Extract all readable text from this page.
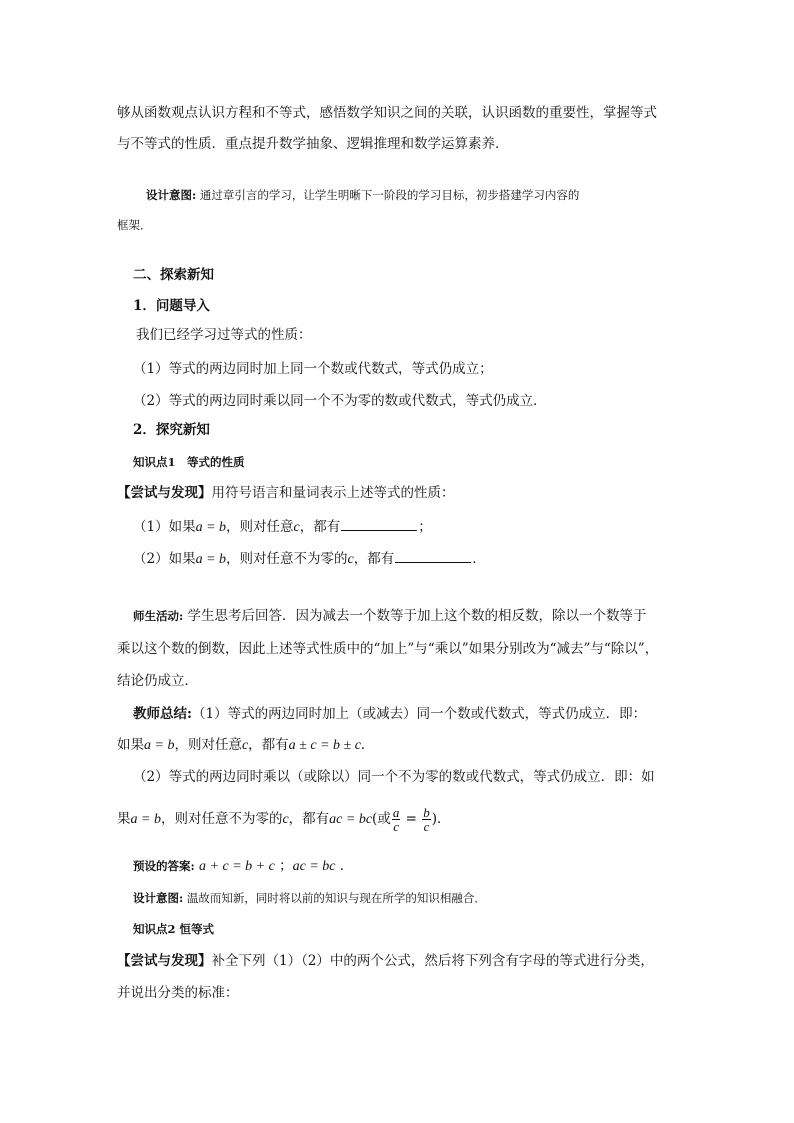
够从函数观点认识方程和不等式，感悟数学知识之间的关联，认识函数的重要性，掌握等式
与不等式的性质．重点提升数学抽象、逻辑推理和数学运算素养．
设计意图: 通过章引言的学习，让学生明晰下一阶段的学习目标，初步搭建学习内容的
框架．
二、探索新知
1．问题导入
我们已经学习过等式的性质：
（1）等式的两边同时加上同一个数或代数式，等式仍成立；
（2）等式的两边同时乘以同一个不为零的数或代数式，等式仍成立．
2．探究新知
知识点1　等式的性质
【尝试与发现】用符号语言和量词表示上述等式的性质：
（1）如果a = b，则对任意c，都有	；
（2）如果a = b，则对任意不为零的c，都有	．
师生活动: 学生思考后回答．因为减去一个数等于加上这个数的相反数，除以一个数等于
乘以这个数的倒数，因此上述等式性质中的“加上”与“乘以”如果分别改为“减去”与“除以”，
结论仍成立．
教师总结:（1）等式的两边同时加上（或减去）同一个数或代数式，等式仍成立．即：
如果a = b，则对任意c，都有a ± c = b ± c．
（2）等式的两边同时乘以（或除以）同一个不为零的数或代数式，等式仍成立．即：如
果a = b，则对任意不为零的c，都有ac = bc(或 $\frac{a}{c} = \frac{b}{c}$ )．
预设的答案: a + c = b + c ；ac = bc ．
设计意图: 温故而知新，同时将以前的知识与现在所学的知识相融合．
知识点2 恒等式
【尝试与发现】补全下列（1）（2）中的两个公式，然后将下列含有字母的等式进行分类，
并说出分类的标准：
